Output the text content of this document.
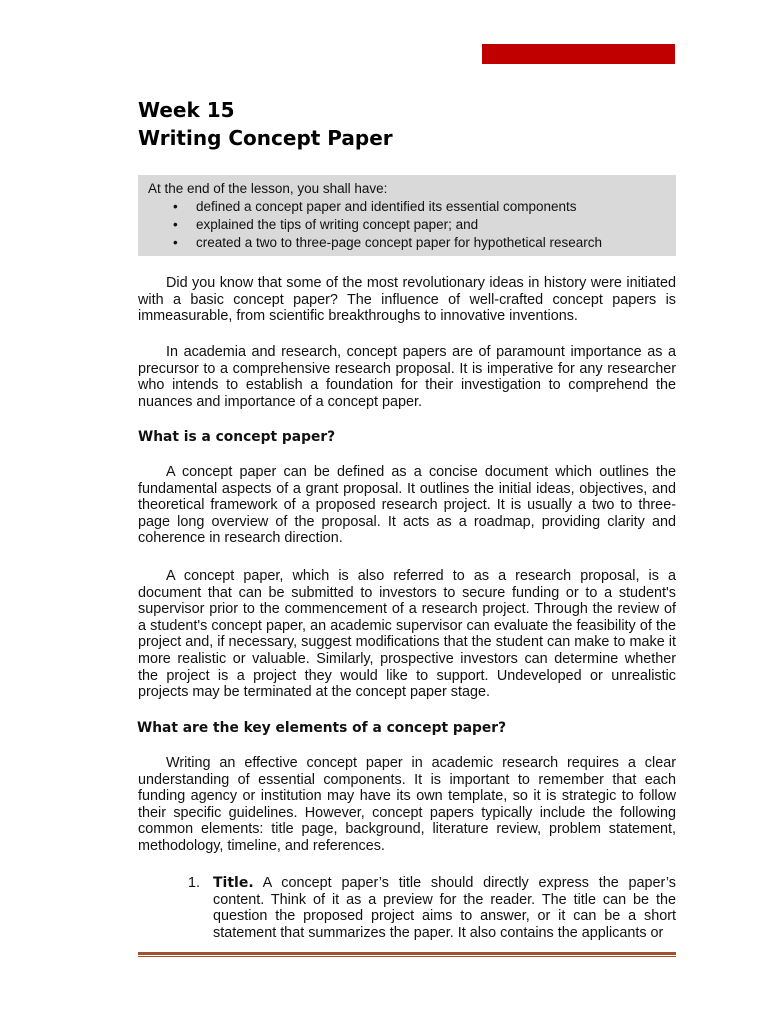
Week 15
Writing Concept Paper
At the end of the lesson, you shall have:
• defined a concept paper and identified its essential components
• explained the tips of writing concept paper; and
• created a two to three-page concept paper for hypothetical research
Did you know that some of the most revolutionary ideas in history were initiated with a basic concept paper? The influence of well-crafted concept papers is immeasurable, from scientific breakthroughs to innovative inventions.
In academia and research, concept papers are of paramount importance as a precursor to a comprehensive research proposal. It is imperative for any researcher who intends to establish a foundation for their investigation to comprehend the nuances and importance of a concept paper.
What is a concept paper?
A concept paper can be defined as a concise document which outlines the fundamental aspects of a grant proposal. It outlines the initial ideas, objectives, and theoretical framework of a proposed research project. It is usually a two to three-page long overview of the proposal. It acts as a roadmap, providing clarity and coherence in research direction.
A concept paper, which is also referred to as a research proposal, is a document that can be submitted to investors to secure funding or to a student's supervisor prior to the commencement of a research project. Through the review of a student's concept paper, an academic supervisor can evaluate the feasibility of the project and, if necessary, suggest modifications that the student can make to make it more realistic or valuable. Similarly, prospective investors can determine whether the project is a project they would like to support. Undeveloped or unrealistic projects may be terminated at the concept paper stage.
What are the key elements of a concept paper?
Writing an effective concept paper in academic research requires a clear understanding of essential components. It is important to remember that each funding agency or institution may have its own template, so it is strategic to follow their specific guidelines. However, concept papers typically include the following common elements: title page, background, literature review, problem statement, methodology, timeline, and references.
1. Title. A concept paper’s title should directly express the paper’s content. Think of it as a preview for the reader. The title can be the question the proposed project aims to answer, or it can be a short statement that summarizes the paper. It also contains the applicants or
